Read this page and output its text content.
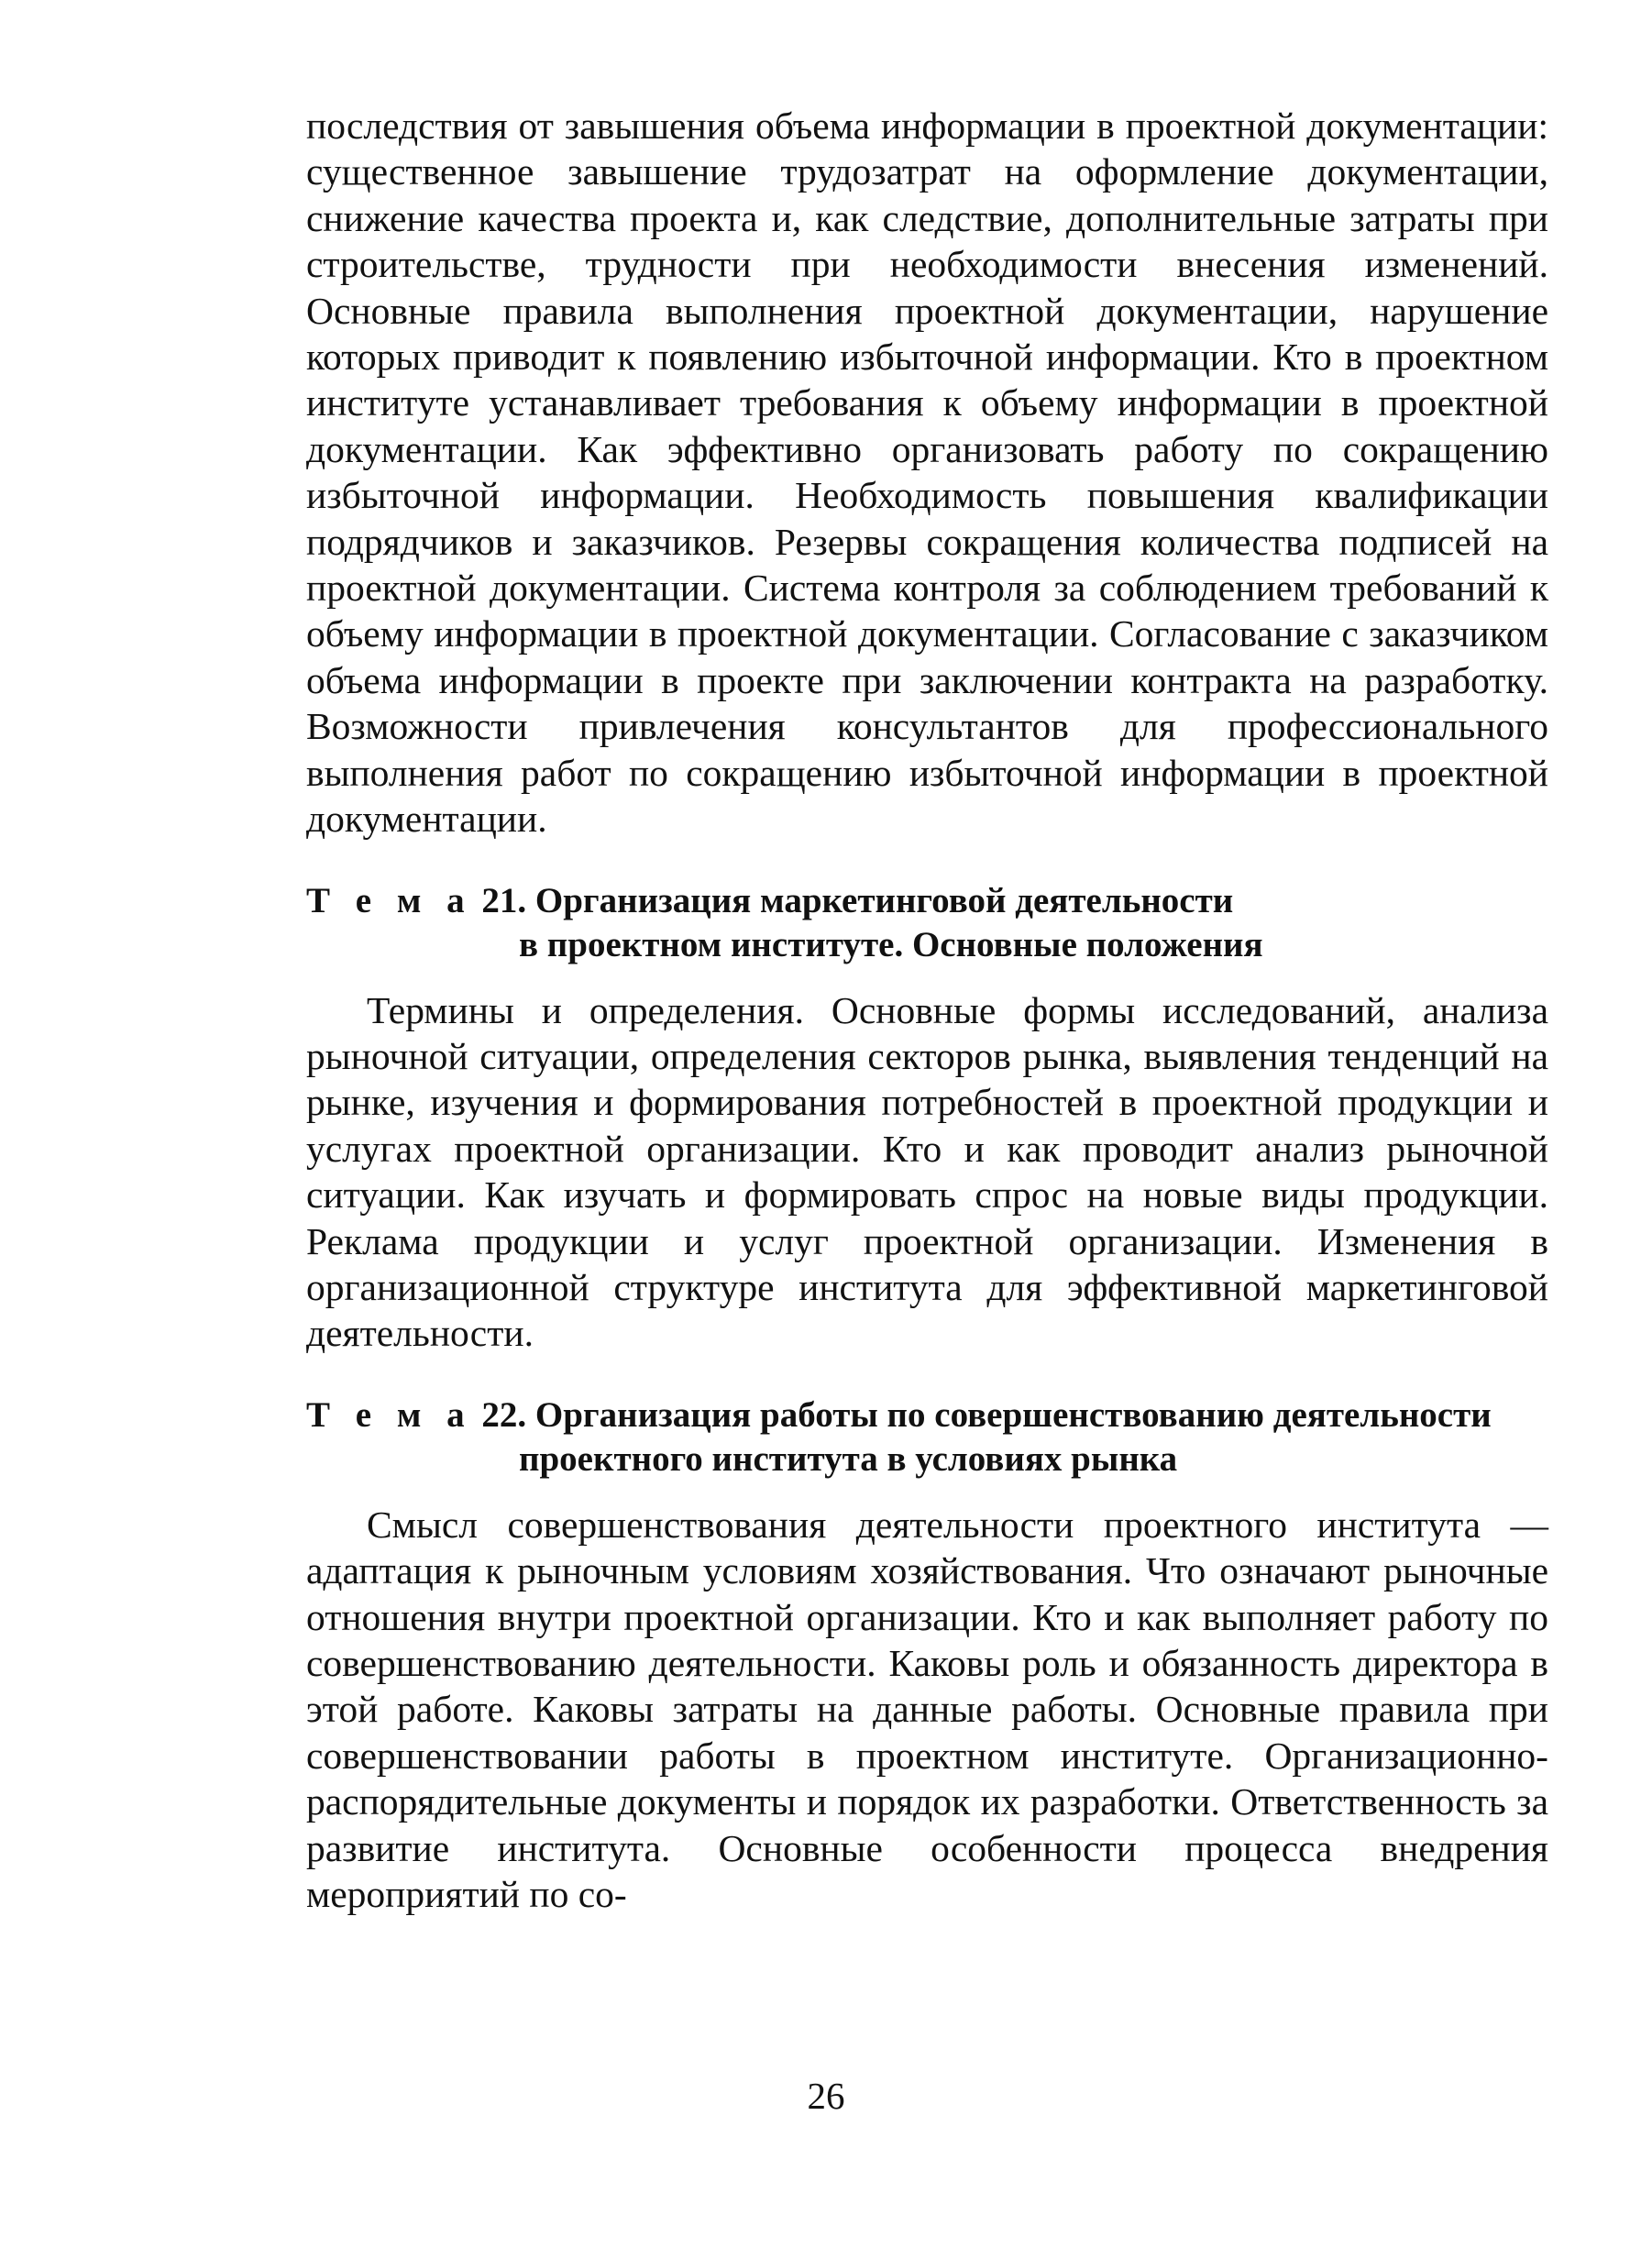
последствия от завышения объема информации в проектной документации: существенное завышение трудозатрат на оформление документации, снижение качества проекта и, как следствие, дополнительные затраты при строительстве, трудности при необходимости внесения изменений. Основные правила выполнения проектной документации, нарушение которых приводит к появлению избыточной информации. Кто в проектном институте устанавливает требования к объему информации в проектной документации. Как эффективно организовать работу по сокращению избыточной информации. Необходимость повышения квалификации подрядчиков и заказчиков. Резервы сокращения количества подписей на проектной документации. Система контроля за соблюдением требований к объему информации в проектной документации. Согласование с заказчиком объема информации в проекте при заключении контракта на разработку. Возможности привлечения консультантов для профессионального выполнения работ по сокращению избыточной информации в проектной документации.

Т е м а 21. Организация маркетинговой деятельности
в проектном институте. Основные положения

Термины и определения. Основные формы исследований, анализа рыночной ситуации, определения секторов рынка, выявления тенденций на рынке, изучения и формирования потребностей в проектной продукции и услугах проектной организации. Кто и как проводит анализ рыночной ситуации. Как изучать и формировать спрос на новые виды продукции. Реклама продукции и услуг проектной организации. Изменения в организационной структуре института для эффективной маркетинговой деятельности.

Т е м а 22. Организация работы по совершенствованию деятельности
проектного института в условиях рынка

Смысл совершенствования деятельности проектного института — адаптация к рыночным условиям хозяйствования. Что означают рыночные отношения внутри проектной организации. Кто и как выполняет работу по совершенствованию деятельности. Каковы роль и обязанность директора в этой работе. Каковы затраты на данные работы. Основные правила при совершенствовании работы в проектном институте. Организационно-распорядительные документы и порядок их разработки. Ответственность за развитие института. Основные особенности процесса внедрения мероприятий по со-

26
